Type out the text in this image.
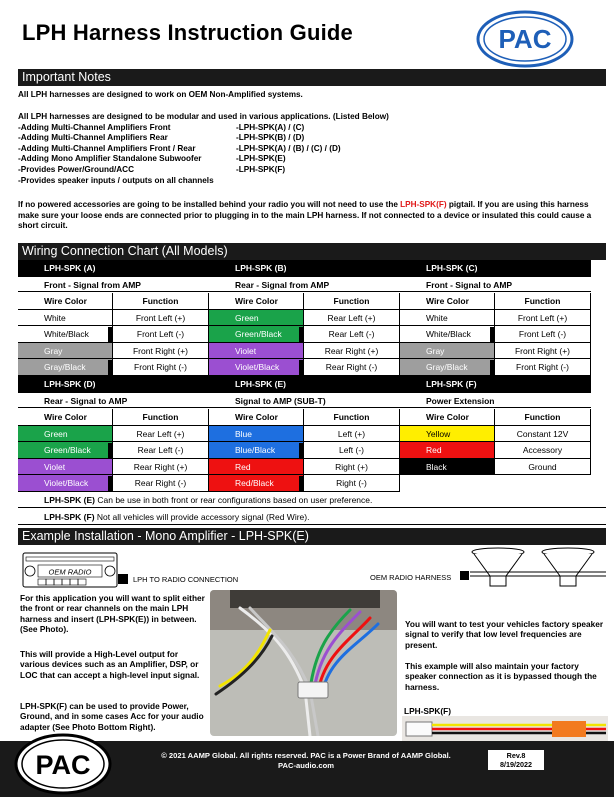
LPH Harness Instruction Guide	PAC
Important Notes
All LPH harnesses are designed to work on OEM Non-Amplified systems.
All LPH harnesses are designed to be modular and used in various applications. (Listed Below)
-Adding Multi-Channel Amplifiers Front	-LPH-SPK(A) / (C)
-Adding Multi-Channel Amplifiers Rear	-LPH-SPK(B) / (D)
-Adding Multi-Channel Amplifiers Front / Rear	-LPH-SPK(A) / (B) / (C) / (D)
-Adding Mono Amplifier Standalone Subwoofer	-LPH-SPK(E)
-Provides Power/Ground/ACC	-LPH-SPK(F)
-Provides speaker inputs / outputs on all channels
If no powered accessories are going to be installed behind your radio you will not need to use the LPH-SPK(F) pigtail. If you are using this harness make sure your loose ends are connected prior to plugging in to the main LPH harness. If not connected to a device or insulated this could cause a short circuit.
Wiring Connection Chart (All Models)
LPH-SPK (A)
Front - Signal from AMP
Wire Color	Function
White	Front Left (+)
White/Black	Front Left (-)
Gray	Front Right (+)
Gray/Black	Front Right (-)
LPH-SPK (B)
Rear - Signal from AMP
Wire Color	Function
Green	Rear Left (+)
Green/Black	Rear Left (-)
Violet	Rear Right (+)
Violet/Black	Rear Right (-)
LPH-SPK (C)
Front - Signal to AMP
Wire Color	Function
White	Front Left (+)
White/Black	Front Left (-)
Gray	Front Right (+)
Gray/Black	Front Right (-)
LPH-SPK (D)
Rear - Signal to AMP
Wire Color	Function
Green	Rear Left (+)
Green/Black	Rear Left (-)
Violet	Rear Right (+)
Violet/Black	Rear Right (-)
LPH-SPK (E)
Signal to AMP (SUB-T)
Wire Color	Function
Blue	Left (+)
Blue/Black	Left (-)
Red	Right (+)
Red/Black	Right (-)
LPH-SPK (F)
Power Extension
Wire Color	Function
Yellow	Constant 12V
Red	Accessory
Black	Ground
LPH-SPK (E) Can be use in both front or rear configurations based on user preference.
LPH-SPK (F) Not all vehicles will provide accessory signal (Red Wire).
Example Installation - Mono Amplifier - LPH-SPK(E)
OEM RADIO
LPH TO RADIO CONNECTION	OEM RADIO HARNESS
For this application you will want to split either the front or rear channels on the main LPH harness and insert (LPH-SPK(E)) in between. (See Photo).
This will provide a High-Level output for various devices such as an Amplifier, DSP, or LOC that can accept a high-level input signal.
LPH-SPK(F) can be used to provide Power, Ground, and in some cases Acc for your audio adapter (See Photo Bottom Right).
You will want to test your vehicles factory speaker signal to verify that low level frequencies are present.
This example will also maintain your factory speaker connection as it is bypassed though the harness.
LPH-SPK(F)
PAC	© 2021 AAMP Global. All rights reserved. PAC is a Power Brand of AAMP Global.
PAC-audio.com
Rev.8
8/19/2022
